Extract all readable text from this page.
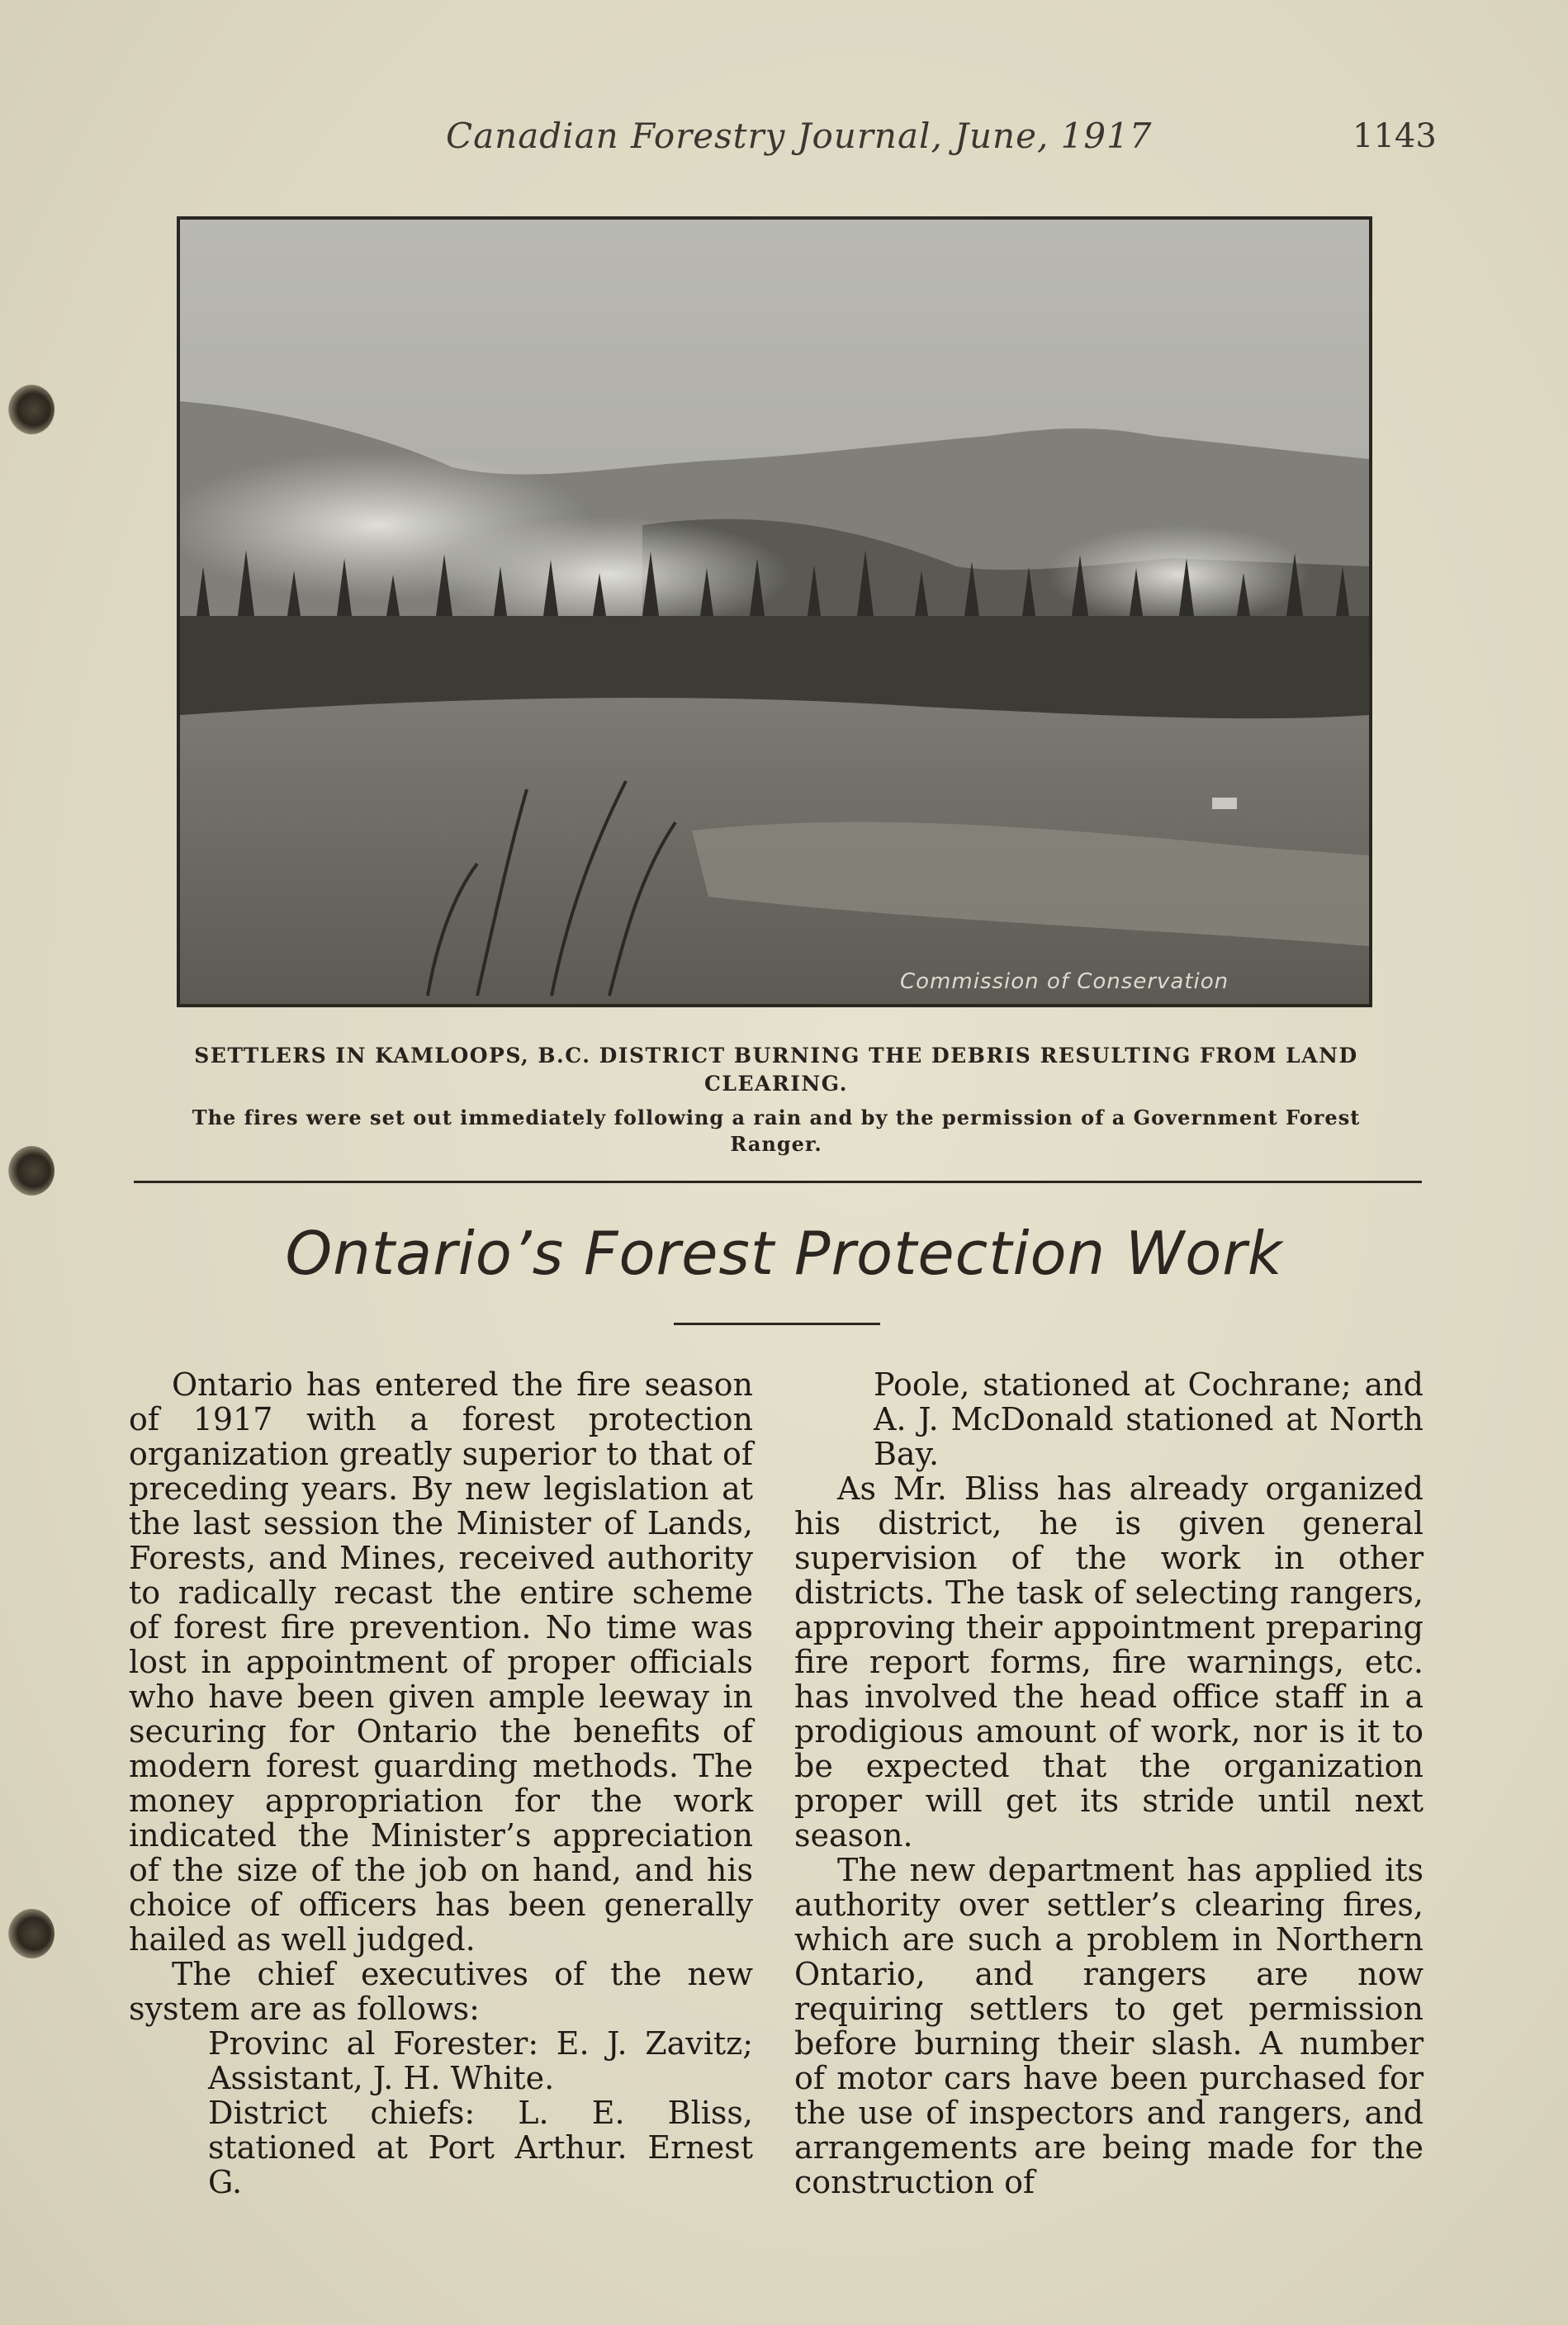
Canadian Forestry Journal, June, 1917	1143
Commission of Conservation
SETTLERS IN KAMLOOPS, B.C. DISTRICT BURNING THE DEBRIS RESULTING FROM LAND CLEARING.
The fires were set out immediately following a rain and by the permission of a Government Forest Ranger.
Ontario’s Forest Protection Work

Ontario has entered the fire season of 1917 with a forest protection organization greatly superior to that of preceding years. By new legislation at the last session the Minister of Lands, Forests, and Mines, received authority to radically recast the entire scheme of forest fire prevention. No time was lost in appointment of proper officials who have been given ample leeway in securing for Ontario the benefits of modern forest guarding methods. The money appropriation for the work indicated the Minister’s appreciation of the size of the job on hand, and his choice of officers has been generally hailed as well judged.

The chief executives of the new system are as follows:

Provinc al Forester: E. J. Zavitz; Assistant, J. H. White.

District chiefs: L. E. Bliss, stationed at Port Arthur. Ernest G.

Poole, stationed at Cochrane; and A. J. McDonald stationed at North Bay.

As Mr. Bliss has already organized his district, he is given general supervision of the work in other districts. The task of selecting rangers, approving their appointment preparing fire report forms, fire warnings, etc. has involved the head office staff in a prodigious amount of work, nor is it to be expected that the organization proper will get its stride until next season.

The new department has applied its authority over settler’s clearing fires, which are such a problem in Northern Ontario, and rangers are now requiring settlers to get permission before burning their slash. A number of motor cars have been purchased for the use of inspectors and rangers, and arrangements are being made for the construction of
